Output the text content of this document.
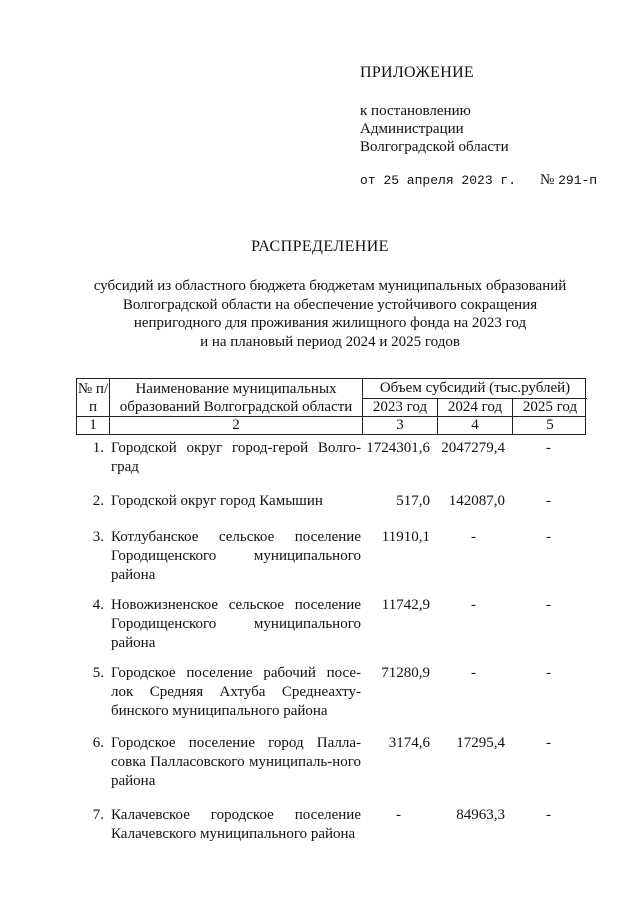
ПРИЛОЖЕНИЕ
к постановлению
Администрации
Волгоградской области
от 25 апреля 2023 г. № 291-п
РАСПРЕДЕЛЕНИЕ
субсидий из областного бюджета бюджетам муниципальных образований
Волгоградской области на обеспечение устойчивого сокращения
непригодного для проживания жилищного фонда на 2023 год
и на плановый период 2024 и 2025 годов
№ п/п
Наименование муниципальных образований Волгоградской области
Объем субсидий (тыс.рублей)
2023 год	2024 год	2025 год
1	2	3	4	5
1. Городской округ город-герой Волго-град
1724301,6 2047279,4	-
2. Городской округ город Камышин	517,0	142087,0	-
3. Котлубанское сельское поселение Городищенского муниципального района
11910,1	-	-
4. Новожизненское сельское поселение Городищенского муниципального района
11742,9	-	-
5. Городское поселение рабочий посе-лок Средняя Ахтуба Среднеахту-бинского муниципального района
71280,9	-	-
6. Городское поселение город Палла-совка Палласовского муниципаль-ного района
3174,6	17295,4	-
7. Калачевское городское поселение Калачевского муниципального района
-	84963,3	-
